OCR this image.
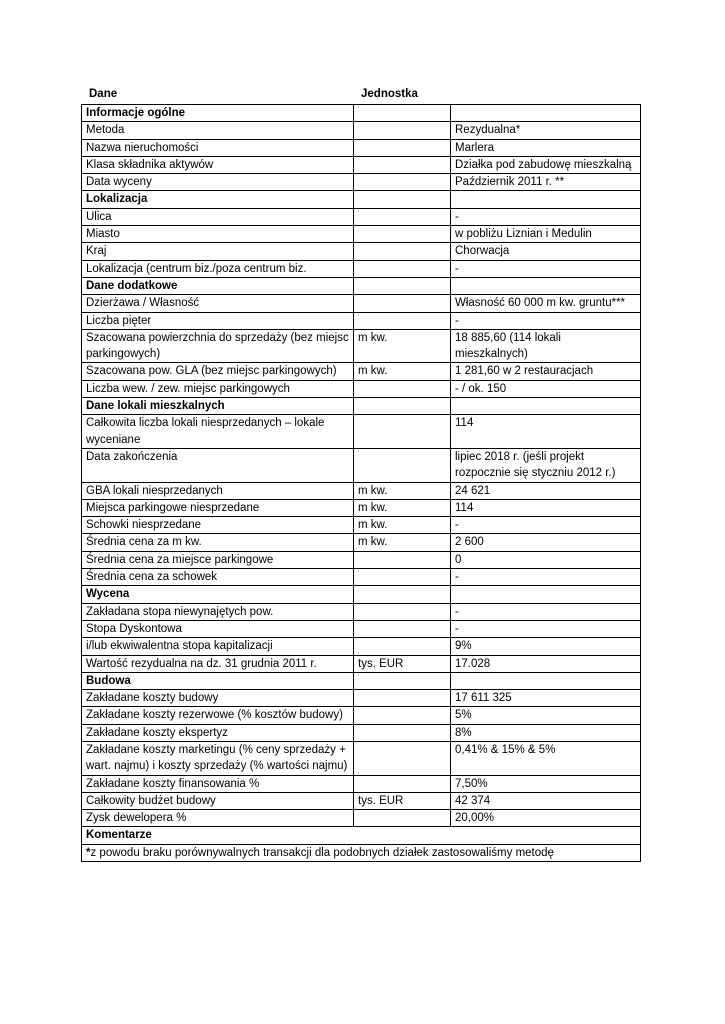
Dane	Jednostka
Informacje ogólne		
Metoda		Rezydualna*
Nazwa nieruchomości		Marlera
Klasa składnika aktywów		Działka pod zabudowę mieszkalną
Data wyceny		Październik 2011 r. **
Lokalizacja		
Ulica		-
Miasto		w pobliżu Liznian i Medulin
Kraj		Chorwacja
Lokalizacja (centrum biz./poza centrum biz.		-
Dane dodatkowe		
Dzierżawa / Własność		Własność 60 000 m kw. gruntu***
Liczba pięter		-
Szacowana powierzchnia do sprzedaży (bez miejsc parkingowych)	m kw.	18 885,60 (114 lokali mieszkalnych)
Szacowana pow. GLA (bez miejsc parkingowych)	m kw.	1 281,60 w 2 restauracjach
Liczba wew. / zew. miejsc parkingowych		- / ok. 150
Dane lokali mieszkalnych		
Całkowita liczba lokali niesprzedanych – lokale wyceniane		114
Data zakończenia		lipiec 2018 r. (jeśli projekt rozpocznie się styczniu 2012 r.)
GBA lokali niesprzedanych	m kw.	24 621
Miejsca parkingowe niesprzedane	m kw.	114
Schowki niesprzedane	m kw.	-
Średnia cena za m kw.	m kw.	2 600
Średnia cena za miejsce parkingowe		0
Średnia cena za schowek		-
Wycena		
Zakładana stopa niewynajętych pow.		-
Stopa Dyskontowa		-
i/lub ekwiwalentna stopa kapitalizacji		9%
Wartość rezydualna na dz. 31 grudnia 2011 r.	tys. EUR	17.028
Budowa		
Zakładane koszty budowy		17 611 325
Zakładane koszty rezerwowe (% kosztów budowy)		5%
Zakładane koszty ekspertyz		8%
Zakładane koszty marketingu (% ceny sprzedaży + wart. najmu) i koszty sprzedaży (% wartości najmu)		0,41% & 15% & 5%
Zakładane koszty finansowania %		7,50%
Całkowity budżet budowy	tys. EUR	42 374
Zysk dewelopera %		20,00%
Komentarze		
*z powodu braku porównywalnych transakcji dla podobnych działek zastosowaliśmy metodę		
